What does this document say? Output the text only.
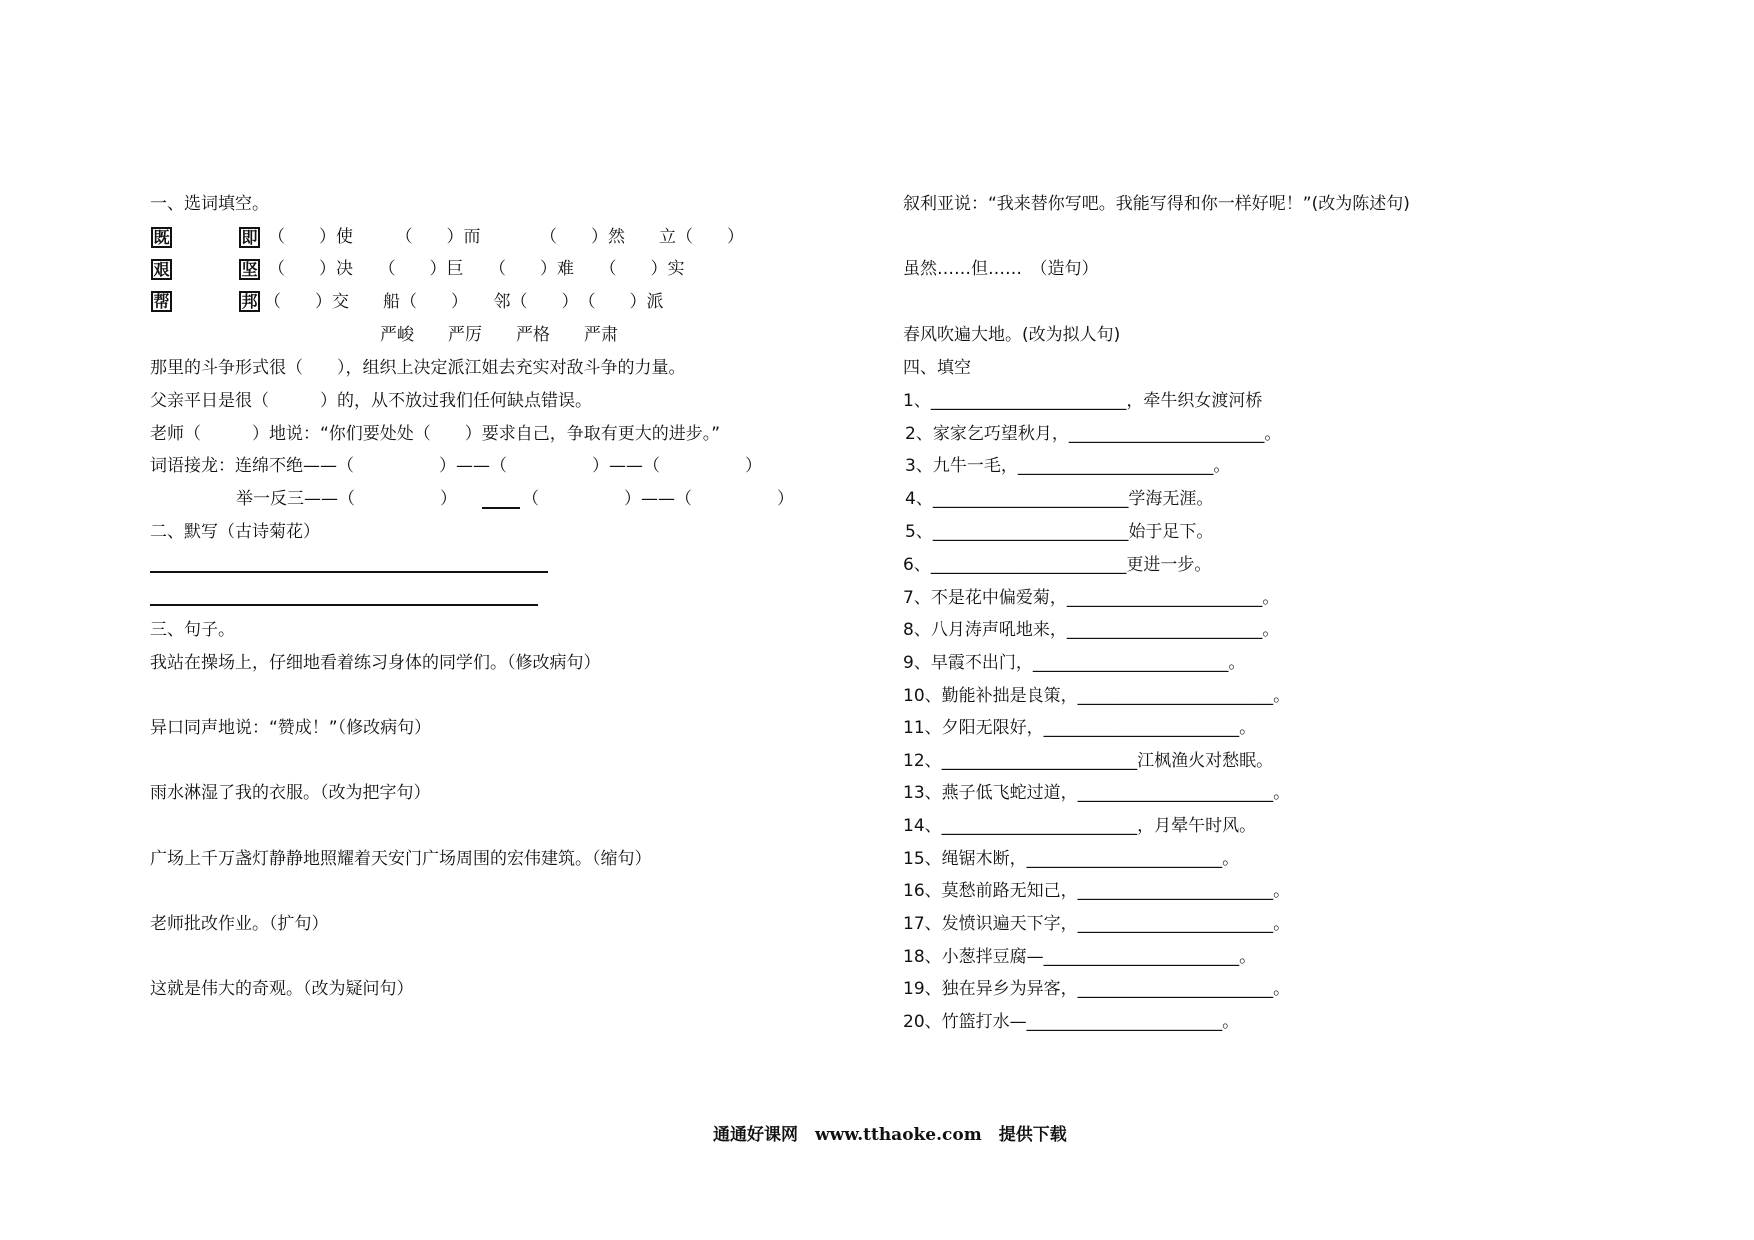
一、选词填空。
既	即 （　　）使　　　（　　）而　　　　（　　）然　　立（　　）
艰	坚 （　　）决　　（　　）巨　　（　　）难　　（　　）实
帮	邦 （　　）交　　船（　　）　　邻（　　）　（　　）派
严峻　　严厉　　严格　　严肃
那里的斗争形式很（　　），组织上决定派江姐去充实对敌斗争的力量。
父亲平日是很（　　　）的，从不放过我们任何缺点错误。
老师（　　　）地说：“你们要处处（　　）要求自己，争取有更大的进步。”
词语接龙：连绵不绝——（　　　　　）——（　　　　　）——（　　　　　）
举一反三——（　　　　　）	（　　　　　）——（　　　　　）
二、默写（古诗菊花）
三、句子。
我站在操场上，仔细地看着练习身体的同学们。（修改病句）
异口同声地说：“赞成！”（修改病句）
雨水淋湿了我的衣服。（改为把字句）
广场上千万盏灯静静地照耀着天安门广场周围的宏伟建筑。（缩句）
老师批改作业。（扩句）
这就是伟大的奇观。（改为疑问句）
叙利亚说：“我来替你写吧。我能写得和你一样好呢！”(改为陈述句)
虽然……但……　（造句）
春风吹遍大地。(改为拟人句)
四、填空
1、_______________________，牵牛织女渡河桥
2、家家乞巧望秋月，_______________________。
3、九牛一毛，_______________________。
4、_______________________学海无涯。
5、_______________________始于足下。
6、_______________________更进一步。
7、不是花中偏爱菊，_______________________。
8、八月涛声吼地来，_______________________。
9、早霞不出门，_______________________。
10、勤能补拙是良策，_______________________。
11、夕阳无限好，_______________________。
12、_______________________江枫渔火对愁眠。
13、燕子低飞蛇过道，_______________________。
14、_______________________，月晕午时风。
15、绳锯木断，_______________________。
16、莫愁前路无知己，_______________________。
17、发愤识遍天下字，_______________________。
18、小葱拌豆腐—_______________________。
19、独在异乡为异客，_______________________。
20、竹篮打水—_______________________。
通通好课网　www.tthaoke.com　提供下载
